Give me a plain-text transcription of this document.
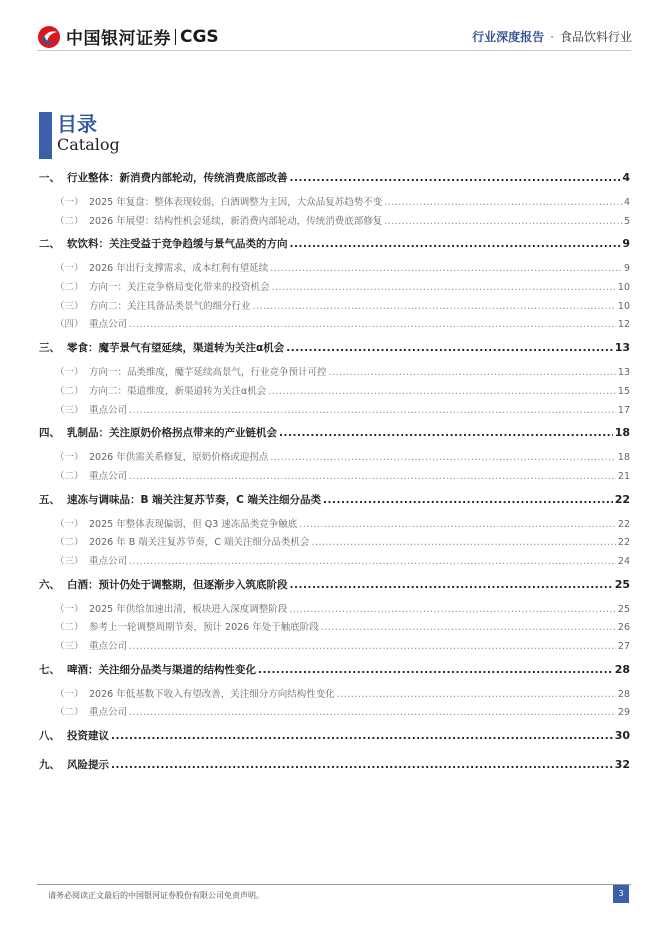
中国银河证券 CGS	行业深度报告 · 食品饮料行业
目录
Catalog
一、 行业整体：新消费内部轮动，传统消费底部改善 .....	4
（一） 2025 年复盘：整体表现较弱，白酒调整为主因，大众品复苏趋势不变 .....	4
（二） 2026 年展望：结构性机会延续，新消费内部轮动，传统消费底部修复 .....	5
二、 软饮料：关注受益于竞争趋缓与景气品类的方向 .....	9
（一） 2026 年出行支撑需求，成本红利有望延续 .....	9
（二） 方向一：关注竞争格局变化带来的投资机会 .....	10
（三） 方向二：关注具备品类景气的细分行业 .....	10
（四） 重点公司 .....	12
三、 零食：魔芋景气有望延续，渠道转为关注α机会 .....	13
（一） 方向一：品类维度，魔芋延续高景气，行业竞争预计可控 .....	13
（二） 方向二：渠道维度，新渠道转为关注α机会 .....	15
（三） 重点公司 .....	17
四、 乳制品：关注原奶价格拐点带来的产业链机会 .....	18
（一） 2026 年供需关系修复，原奶价格或迎拐点 .....	18
（二） 重点公司 .....	21
五、 速冻与调味品：B 端关注复苏节奏，C 端关注细分品类 .....	22
（一） 2025 年整体表现偏弱，但 Q3 速冻品类竞争触底 .....	22
（二） 2026 年 B 端关注复苏节奏，C 端关注细分品类机会 .....	22
（三） 重点公司 .....	24
六、 白酒：预计仍处于调整期，但逐渐步入筑底阶段 .....	25
（一） 2025 年供给加速出清，板块进入深度调整阶段 .....	25
（二） 参考上一轮调整周期节奏，预计 2026 年处于触底阶段 .....	26
（三） 重点公司 .....	27
七、 啤酒：关注细分品类与渠道的结构性变化 .....	28
（一） 2026 年低基数下收入有望改善，关注细分方向结构性变化 .....	28
（二） 重点公司 .....	29
八、 投资建议 .....	30
九、 风险提示 .....	32
请务必阅读正文最后的中国银河证券股份有限公司免责声明。	3
